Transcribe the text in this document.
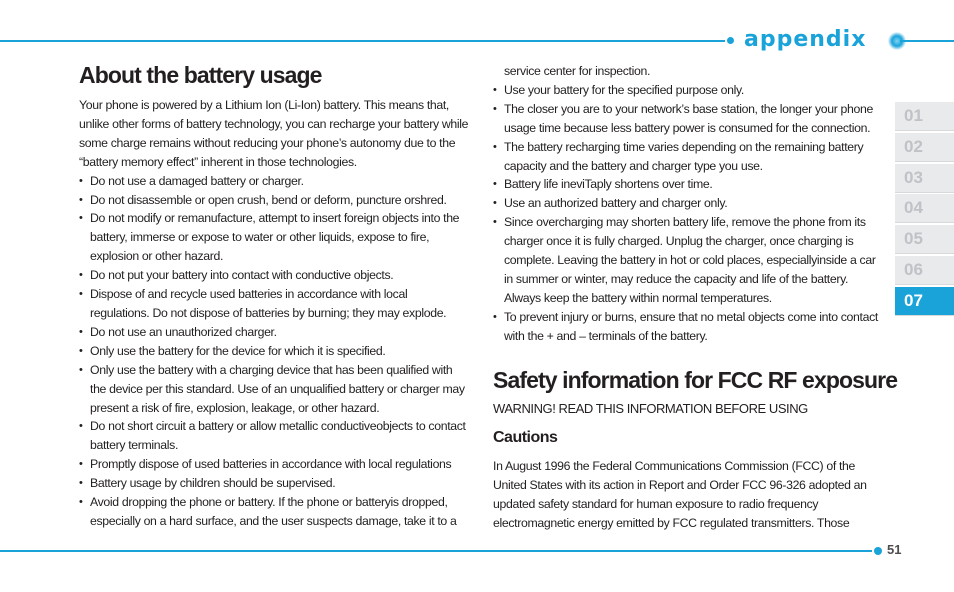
appendix
About the battery usage

Your phone is powered by a Lithium Ion (Li-Ion) battery. This means that, unlike other forms of battery technology, you can recharge your battery while some charge remains without reducing your phone’s autonomy due to the “battery memory effect” inherent in those technologies.

• Do not use a damaged battery or charger.
• Do not disassemble or open crush, bend or deform, puncture orshred.
• Do not modify or remanufacture, attempt to insert foreign objects into the battery, immerse or expose to water or other liquids, expose to fire, explosion or other hazard.
• Do not put your battery into contact with conductive objects.
• Dispose of and recycle used batteries in accordance with local regulations. Do not dispose of batteries by burning; they may explode.
• Do not use an unauthorized charger.
• Only use the battery for the device for which it is specified.
• Only use the battery with a charging device that has been qualified with the device per this standard. Use of an unqualified battery or charger may present a risk of fire, explosion, leakage, or other hazard.
• Do not short circuit a battery or allow metallic conductiveobjects to contact battery terminals.
• Promptly dispose of used batteries in accordance with local regulations
• Battery usage by children should be supervised.
• Avoid dropping the phone or battery. If the phone or batteryis dropped, especially on a hard surface, and the user suspects damage, take it to a

service center for inspection.

• Use your battery for the specified purpose only.
• The closer you are to your network’s base station, the longer your phone usage time because less battery power is consumed for the connection.
• The battery recharging time varies depending on the remaining battery capacity and the battery and charger type you use.
• Battery life ineviTaply shortens over time.
• Use an authorized battery and charger only.
• Since overcharging may shorten battery life, remove the phone from its charger once it is fully charged. Unplug the charger, once charging is complete. Leaving the battery in hot or cold places, especiallyinside a car in summer or winter, may reduce the capacity and life of the battery. Always keep the battery within normal temperatures.
• To prevent injury or burns, ensure that no metal objects come into contact with the + and – terminals of the battery.
Safety information for FCC RF exposure
WARNING! READ THIS INFORMATION BEFORE USING
Cautions

In August 1996 the Federal Communications Commission (FCC) of the United States with its action in Report and Order FCC 96-326 adopted an updated safety standard for human exposure to radio frequency electromagnetic energy emitted by FCC regulated transmitters. Those

01
02
03
04
05
06
07
51
